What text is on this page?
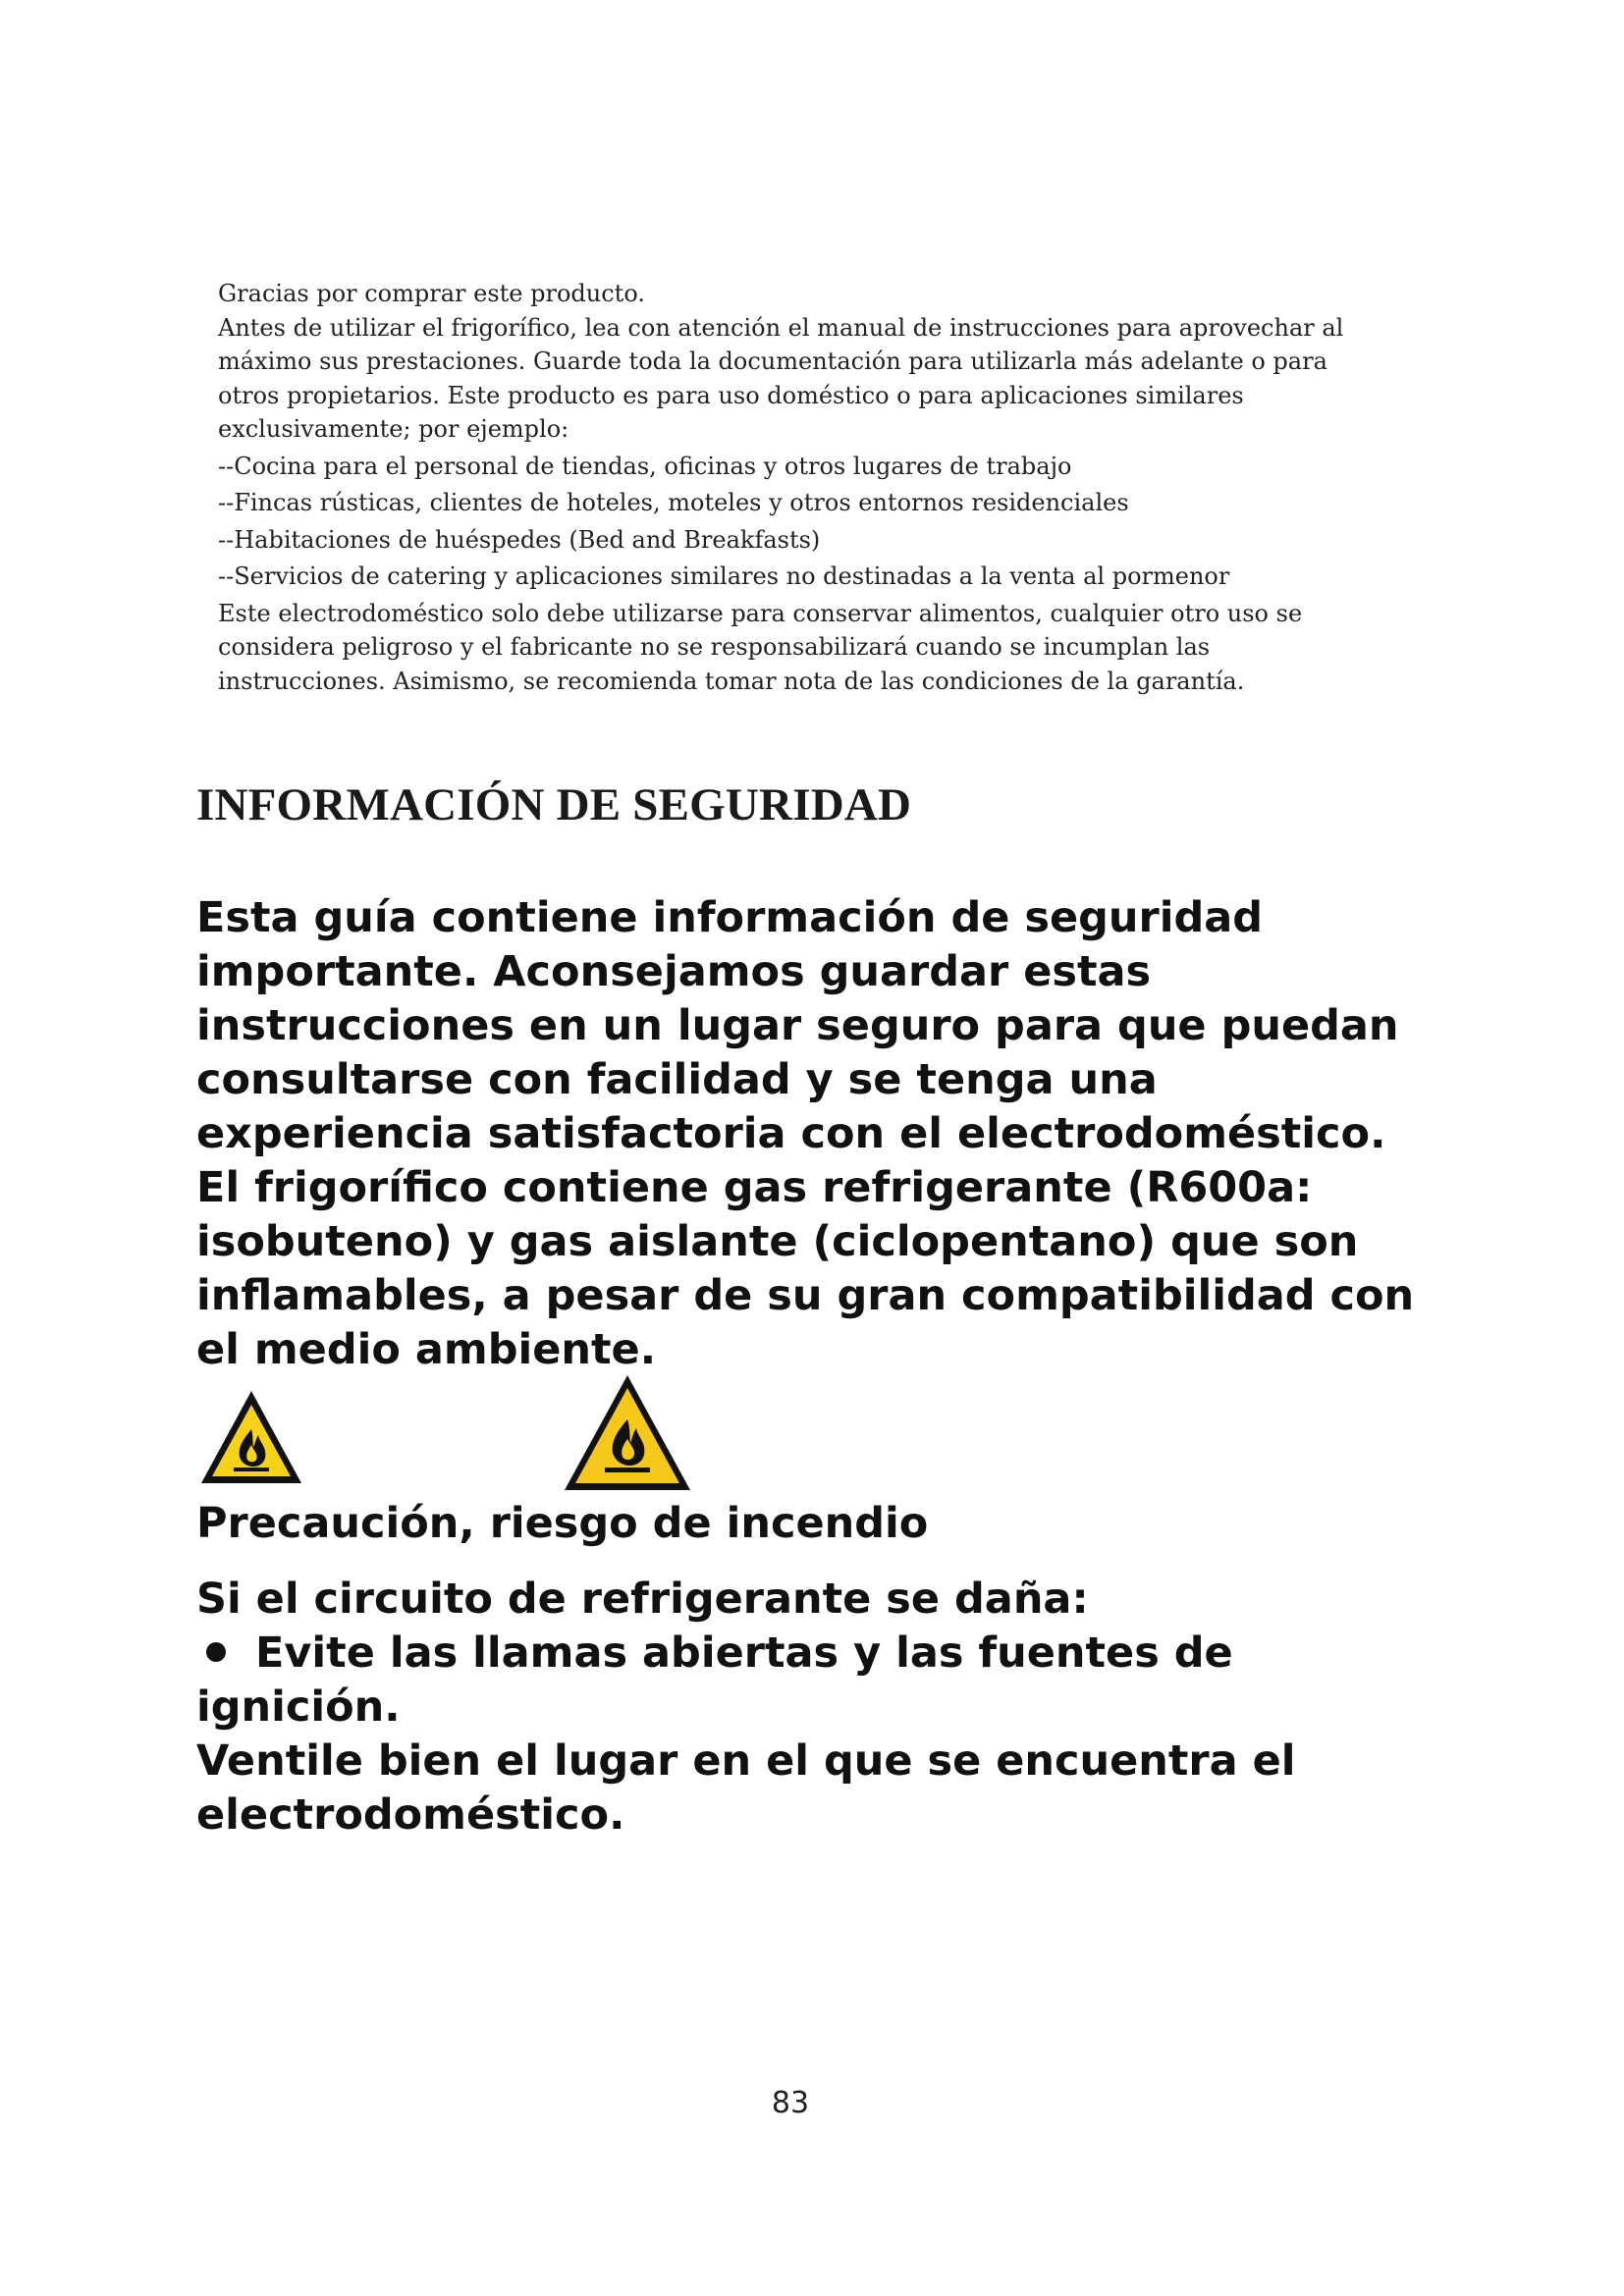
Gracias por comprar este producto.

Antes de utilizar el frigorífico, lea con atención el manual de instrucciones para aprovechar al máximo sus prestaciones. Guarde toda la documentación para utilizarla más adelante o para otros propietarios. Este producto es para uso doméstico o para aplicaciones similares exclusivamente; por ejemplo:

--Cocina para el personal de tiendas, oficinas y otros lugares de trabajo

--Fincas rústicas, clientes de hoteles, moteles y otros entornos residenciales

--Habitaciones de huéspedes (Bed and Breakfasts)

--Servicios de catering y aplicaciones similares no destinadas a la venta al pormenor

Este electrodoméstico solo debe utilizarse para conservar alimentos, cualquier otro uso se considera peligroso y el fabricante no se responsabilizará cuando se incumplan las instrucciones. Asimismo, se recomienda tomar nota de las condiciones de la garantía.

INFORMACIÓN DE SEGURIDAD

Esta guía contiene información de seguridad importante. Aconsejamos guardar estas instrucciones en un lugar seguro para que puedan consultarse con facilidad y se tenga una experiencia satisfactoria con el electrodoméstico. El frigorífico contiene gas refrigerante (R600a: isobuteno) y gas aislante (ciclopentano) que son inflamables, a pesar de su gran compatibilidad con el medio ambiente.

Precaución, riesgo de incendio

Si el circuito de refrigerante se daña:

Evite las llamas abiertas y las fuentes de ignición.

Ventile bien el lugar en el que se encuentra el electrodoméstico.

83
